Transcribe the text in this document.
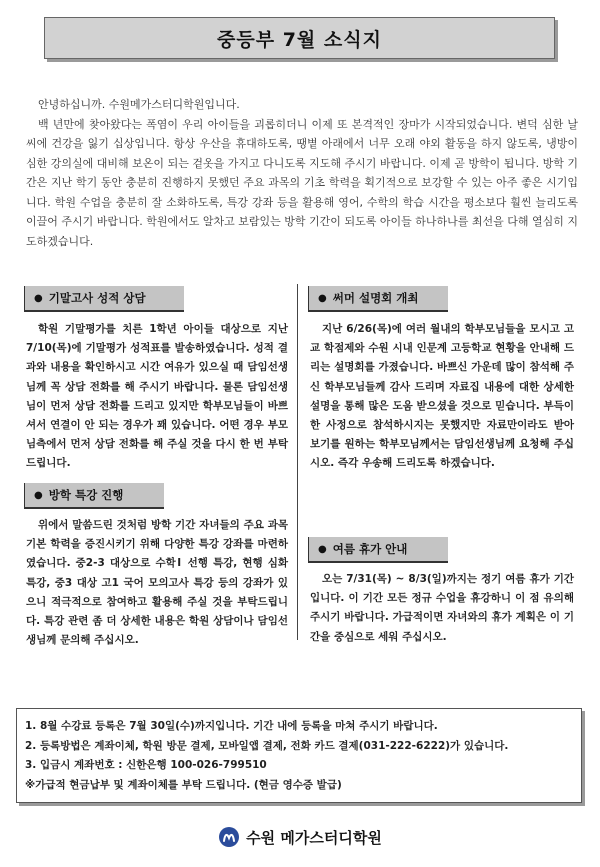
중등부 7월 소식지

안녕하십니까. 수원메가스터디학원입니다.

백 년만에 찾아왔다는 폭염이 우리 아이들을 괴롭히더니 이제 또 본격적인 장마가 시작되었습니다. 변덕 심한 날씨에 건강을 잃기 십상입니다. 항상 우산을 휴대하도록, 땡볕 아래에서 너무 오래 야외 활동을 하지 않도록, 냉방이 심한 강의실에 대비해 보온이 되는 겉옷을 가지고 다니도록 지도해 주시기 바랍니다. 이제 곧 방학이 됩니다. 방학 기간은 지난 학기 동안 충분히 진행하지 못했던 주요 과목의 기초 학력을 획기적으로 보강할 수 있는 아주 좋은 시기입니다. 학원 수업을 충분히 잘 소화하도록, 특강 강좌 등을 활용해 영어, 수학의 학습 시간을 평소보다 훨씬 늘리도록 이끌어 주시기 바랍니다. 학원에서도 알차고 보람있는 방학 기간이 되도록 아이들 하나하나를 최선을 다해 열심히 지도하겠습니다.

● 기말고사 성적 상담

학원 기말평가를 치른 1학년 아이들 대상으로 지난 7/10(목)에 기말평가 성적표를 발송하였습니다. 성적 결과와 내용을 확인하시고 시간 여유가 있으실 때 담임선생님께 꼭 상담 전화를 해 주시기 바랍니다. 물론 담임선생님이 먼저 상담 전화를 드리고 있지만 학부모님들이 바쁘셔서 연결이 안 되는 경우가 꽤 있습니다. 어떤 경우 부모님측에서 먼저 상담 전화를 해 주실 것을 다시 한 번 부탁드립니다.

● 방학 특강 진행

위에서 말씀드린 것처럼 방학 기간 자녀들의 주요 과목 기본 학력을 증진시키기 위해 다양한 특강 강좌를 마련하였습니다. 중2-3 대상으로 수학Ⅰ 선행 특강, 현행 심화 특강, 중3 대상 고1 국어 모의고사 특강 등의 강좌가 있으니 적극적으로 참여하고 활용해 주실 것을 부탁드립니다. 특강 관련 좀 더 상세한 내용은 학원 상담이나 담임선생님께 문의해 주십시오.

● 써머 설명회 개최

지난 6/26(목)에 여러 월내의 학부모님들을 모시고 고교 학점제와 수원 시내 인문계 고등학교 현황을 안내해 드리는 설명회를 가졌습니다. 바쁘신 가운데 많이 참석해 주신 학부모님들께 감사 드리며 자료집 내용에 대한 상세한 설명을 통해 많은 도움 받으셨을 것으로 믿습니다. 부득이한 사정으로 참석하시지는 못했지만 자료만이라도 받아 보기를 원하는 학부모님께서는 담임선생님께 요청해 주십시오. 즉각 우송해 드리도록 하겠습니다.

● 여름 휴가 안내

오는 7/31(목) ~ 8/3(일)까지는 정기 여름 휴가 기간입니다. 이 기간 모든 정규 수업을 휴강하니 이 점 유의해 주시기 바랍니다. 가급적이면 자녀와의 휴가 계획은 이 기간을 중심으로 세워 주십시오.

1. 8월 수강료 등록은 7월 30일(수)까지입니다. 기간 내에 등록을 마쳐 주시기 바랍니다.
2. 등록방법은 계좌이체, 학원 방문 결제, 모바일앱 결제, 전화 카드 결제(031-222-6222)가 있습니다.
3. 입금시 계좌번호 : 신한은행 100-026-799510
※가급적 현금납부 및 계좌이체를 부탁 드립니다. (현금 영수증 발급)
수원 메가스터디학원
